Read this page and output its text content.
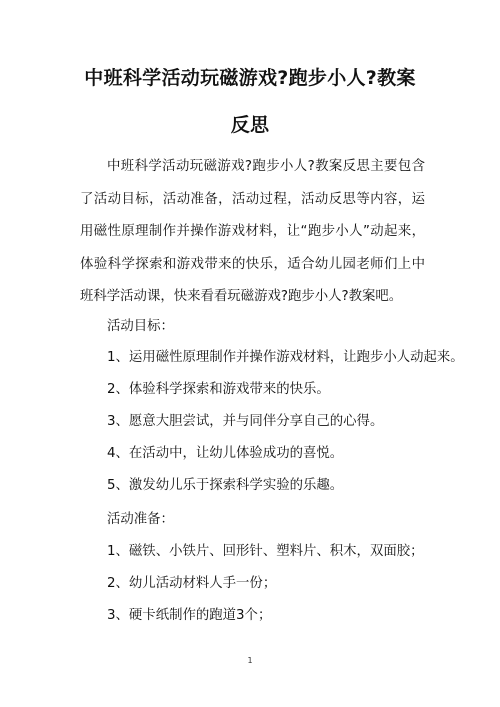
中班科学活动玩磁游戏?跑步小人?教案
反思

中班科学活动玩磁游戏?跑步小人?教案反思主要包含了活动目标，活动准备，活动过程，活动反思等内容，运用磁性原理制作并操作游戏材料，让“跑步小人”动起来，体验科学探索和游戏带来的快乐，适合幼儿园老师们上中班科学活动课，快来看看玩磁游戏?跑步小人?教案吧。

活动目标：

1、运用磁性原理制作并操作游戏材料，让跑步小人动起来。

2、体验科学探索和游戏带来的快乐。

3、愿意大胆尝试，并与同伴分享自己的心得。

4、在活动中，让幼儿体验成功的喜悦。

5、激发幼儿乐于探索科学实验的乐趣。

活动准备：

1、磁铁、小铁片、回形针、塑料片、积木，双面胶；

2、幼儿活动材料人手一份；

3、硬卡纸制作的跑道3个；

1
